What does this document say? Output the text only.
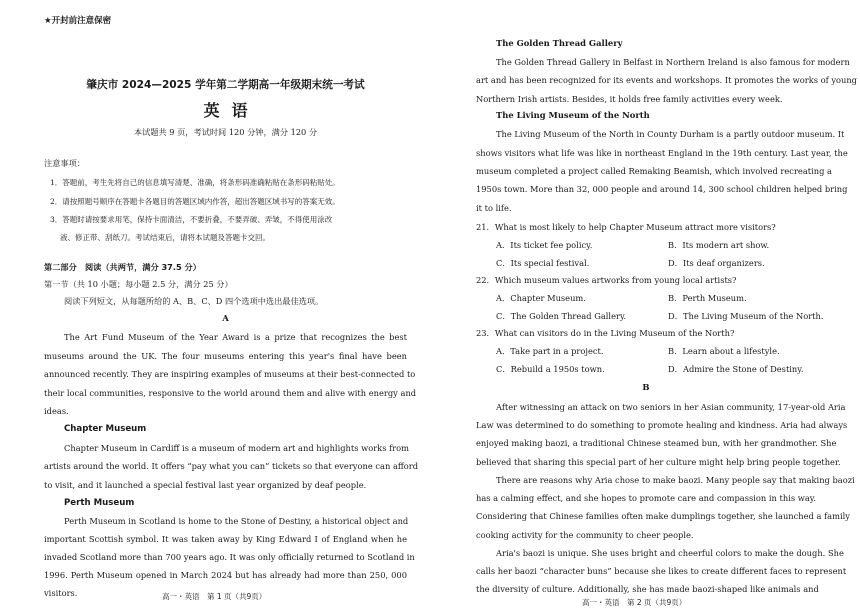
★开封前注意保密
肇庆市 2024—2025 学年第二学期高一年级期末统一考试
英语
本试题共 9 页，考试时间 120 分钟，满分 120 分
注意事项：
1．答题前，考生先将自己的信息填写清楚、准确，将条形码准确粘贴在条形码粘贴处。
2．请按照题号顺序在答题卡各题目的答题区域内作答，超出答题区域书写的答案无效。
3．答题时请按要求用笔，保持卡面清洁，不要折叠，不要弄破、弄皱，不得使用涂改
液、修正带、刮纸刀。考试结束后，请将本试题及答题卡交回。
第二部分　阅读（共两节，满分 37.5 分）
第一节（共 10 小题；每小题 2.5 分，满分 25 分）
阅读下列短文，从每题所给的 A、B、C、D 四个选项中选出最佳选项。
A
The Art Fund Museum of the Year Award is a prize that recognizes the best
museums around the UK. The four museums entering this year's final have been
announced recently. They are inspiring examples of museums at their best-connected to
their local communities, responsive to the world around them and alive with energy and
ideas.
Chapter Museum
Chapter Museum in Cardiff is a museum of modern art and highlights works from
artists around the world. It offers “pay what you can” tickets so that everyone can afford
to visit, and it launched a special festival last year organized by deaf people.
Perth Museum
Perth Museum in Scotland is home to the Stone of Destiny, a historical object and
important Scottish symbol. It was taken away by King Edward Ⅰ of England when he
invaded Scotland more than 700 years ago. It was only officially returned to Scotland in
1996. Perth Museum opened in March 2024 but has already had more than 250, 000
visitors.	高一・英语　第 1 页（共9页）
The Golden Thread Gallery
The Golden Thread Gallery in Belfast in Northern Ireland is also famous for modern
art and has been recognized for its events and workshops. It promotes the works of young
Northern Irish artists. Besides, it holds free family activities every week.
The Living Museum of the North
The Living Museum of the North in County Durham is a partly outdoor museum. It
shows visitors what life was like in northeast England in the 19th century. Last year, the
museum completed a project called Remaking Beamish, which involved recreating a
1950s town. More than 32, 000 people and around 14, 300 school children helped bring
it to life.
21．What is most likely to help Chapter Museum attract more visitors?
A．Its ticket fee policy.	B．Its modern art show.
C．Its special festival.	D．Its deaf organizers.
22．Which museum values artworks from young local artists?
A．Chapter Museum.	B．Perth Museum.
C．The Golden Thread Gallery.	D．The Living Museum of the North.
23．What can visitors do in the Living Museum of the North?
A．Take part in a project.	B．Learn about a lifestyle.
C．Rebuild a 1950s town.	D．Admire the Stone of Destiny.
B
After witnessing an attack on two seniors in her Asian community, 17-year-old Aria
Law was determined to do something to promote healing and kindness. Aria had always
enjoyed making baozi, a traditional Chinese steamed bun, with her grandmother. She
believed that sharing this special part of her culture might help bring people together.
There are reasons why Aria chose to make baozi. Many people say that making baozi
has a calming effect, and she hopes to promote care and compassion in this way.
Considering that Chinese families often make dumplings together, she launched a family
cooking activity for the community to cheer people.
Aria's baozi is unique. She uses bright and cheerful colors to make the dough. She
calls her baozi “character buns” because she likes to create different faces to represent
the diversity of culture. Additionally, she has made baozi-shaped like animals and
高一・英语　第 2 页（共9页）
